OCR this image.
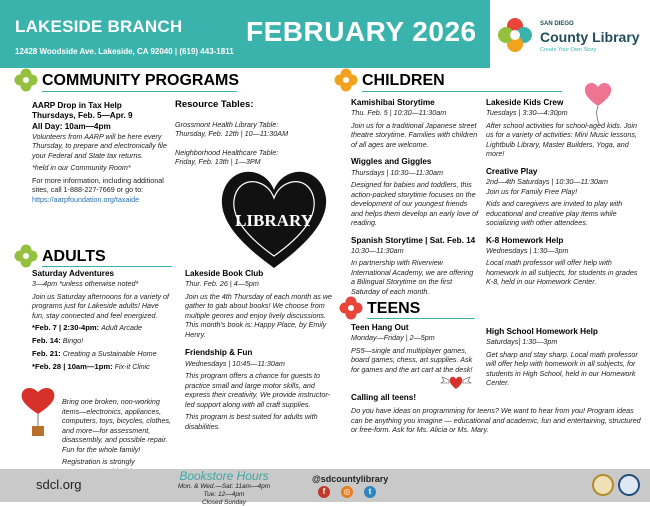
LAKESIDE BRANCH
12428 Woodside Ave. Lakeside, CA 92040 | (619) 443-1811
FEBRUARY 2026	SAN DIEGO
County Library
Create Your Own Story
COMMUNITY PROGRAMS
AARP Drop in Tax Help
Thursdays, Feb. 5—Apr. 9
All Day: 10am—4pm
Volunteers from AARP will be here every Thursday, to prepare and electronically file your Federal and State tax returns.

*held in our Community Room*

For more information, including additional sites, call 1-888-227-7669 or go to:

https://aarpfoundation.org/taxaide
Resource Tables:

Grossmont Health Library Table:

Thursday, Feb. 12th | 10—11:30AM

Neighborhood Healthcare Table:

Friday, Feb. 13th | 1—3PM
LIBRARY
ADULTS
Saturday Adventures
3—4pm *unless otherwise noted*

Join us Saturday afternoons for a variety of programs just for Lakeside adults! Have fun, stay connected and feel energized.

*Feb. 7 | 2:30-4pm: Adult Arcade

Feb. 14: Bingo!

Feb. 21: Creating a Sustainable Home

*Feb. 28 | 10am—1pm: Fix-it Clinic

Bring one broken, non-working items—electronics, appliances, computers, toys, bicycles, clothes, and more—for assessment, disassembly, and possible repair. Fun for the whole family!

Registration is strongly

Lakeside Book Club
Thur. Feb. 26 | 4—5pm

Join us the 4th Thursday of each month as we gather to gab about books! We choose from multiple genres and enjoy lively discussions. This month's book is: Happy Place, by Emily Henry.

Friendship & Fun
Wednesdays | 10:45—11:30am

This program offers a chance for guests to practice small and large motor skills, and express their creativity. We provide instructor-led support along with all craft supplies.

This program is best suited for adults with disabilities.

CHILDREN
Kamishibai Storytime
Thu. Feb. 5 | 10:30—11:30am

Join us for a traditional Japanese street theatre storytime. Families with children of all ages are welcome.

Wiggles and Giggles
Thursdays | 10:30—11:30am

Designed for babies and toddlers, this action-packed storytime focuses on the development of our youngest friends and helps them develop an early love of reading.

Spanish Storytime | Sat. Feb. 14
10:30—11:30am

In partnership with Riverview International Academy, we are offering a Bilingual Storytime on the first Saturday of each month.

Lakeside Kids Crew
Tuesdays | 3:30—4:30pm

After school activities for school-aged kids. Join us for a variety of activities: Mini Music lessons, Lightbulb Library, Master Builders, Yoga, and more!

Creative Play
2nd—4th Saturdays | 10:30—11:30am
Join us for Family Free Play!

Kids and caregivers are invited to play with educational and creative play items while socializing with other attendees.

K-8 Homework Help
Wednesdays | 1:30—3pm

Local math professor will offer help with homework in all subjects, for students in grades K-8, held in our Homework Center.

TEENS
Teen Hang Out
Monday—Friday | 2—5pm

PS5—single and multiplayer games, board games, chess, art supplies. Ask for games and the art cart at the desk!

High School Homework Help
Saturdays| 1:30—3pm

Get sharp and stay sharp. Local math professor will offer help with homework in all subjects, for students in High School, held in our Homework Center.

Calling all teens!

Do you have ideas on programming for teens? We want to hear from you! Program ideas can be anything you imagine — educational and academic, fun and entertaining, structured or free-form. Ask for Ms. Alicia or Ms. Mary.

sdcl.org
Bookstore Hours
Mon. & Wed.—Sat: 11am—4pm
Tue: 12—4pm
Closed Sunday
@sdcountylibrary
f	◎	t
